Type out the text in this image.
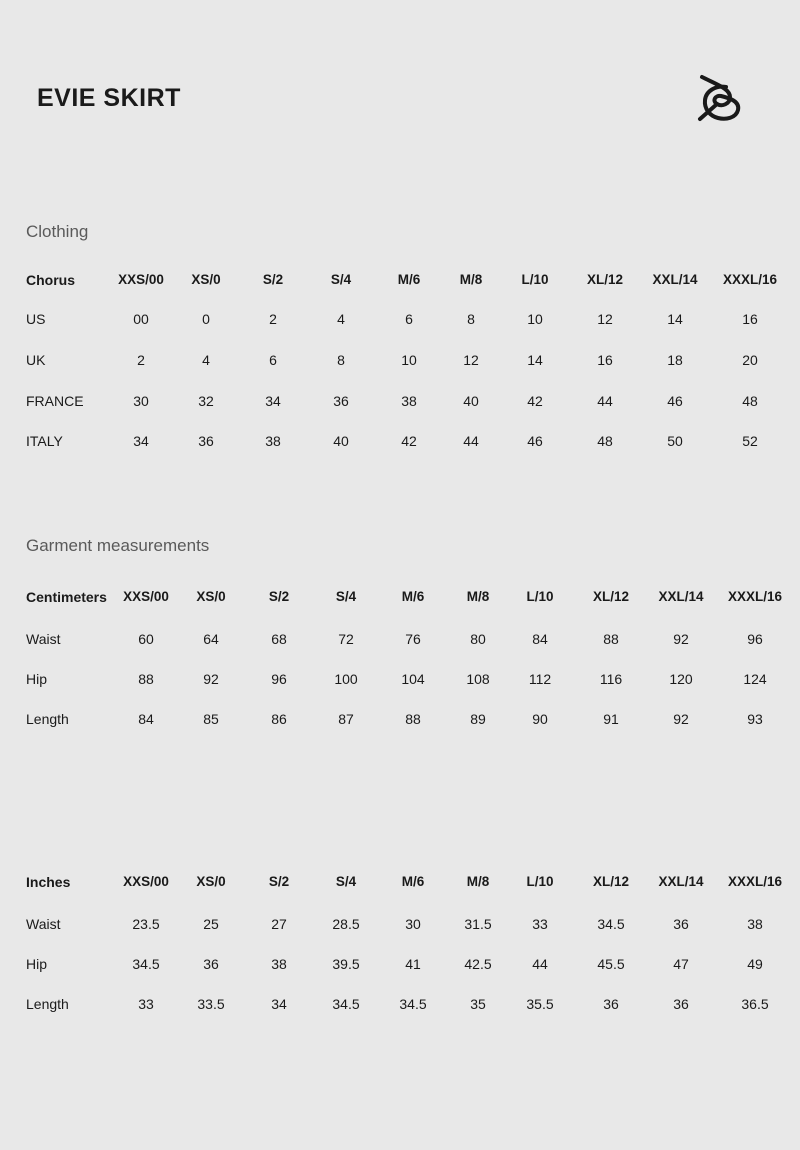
EVIE SKIRT
Clothing
Chorus	XXS/00 XS/0	S/2	S/4	M/6	M/8	L/10	XL/12 XXL/14 XXXL/16
US	00	0	2	4	6	8	10	12	14	16
UK	2	4	6	8	10	12	14	16	18	20
FRANCE	30	32	34	36	38	40	42	44	46	48
ITALY	34	36	38	40	42	44	46	48	50	52
Garment measurements
Centimeters XXS/00 XS/0	S/2	S/4	M/6	M/8	L/10	XL/12 XXL/14 XXXL/16
Waist	60	64	68	72	76	80	84	88	92	96
Hip	88	92	96	100	104	108	112	116	120	124
Length	84	85	86	87	88	89	90	91	92	93
Inches	XXS/00 XS/0	S/2	S/4	M/6	M/8	L/10	XL/12 XXL/14 XXXL/16
Waist	23.5	25	27	28.5	30	31.5	33	34.5	36	38
Hip	34.5	36	38	39.5	41	42.5	44	45.5	47	49
Length	33	33.5	34	34.5	34.5	35	35.5	36	36	36.5
